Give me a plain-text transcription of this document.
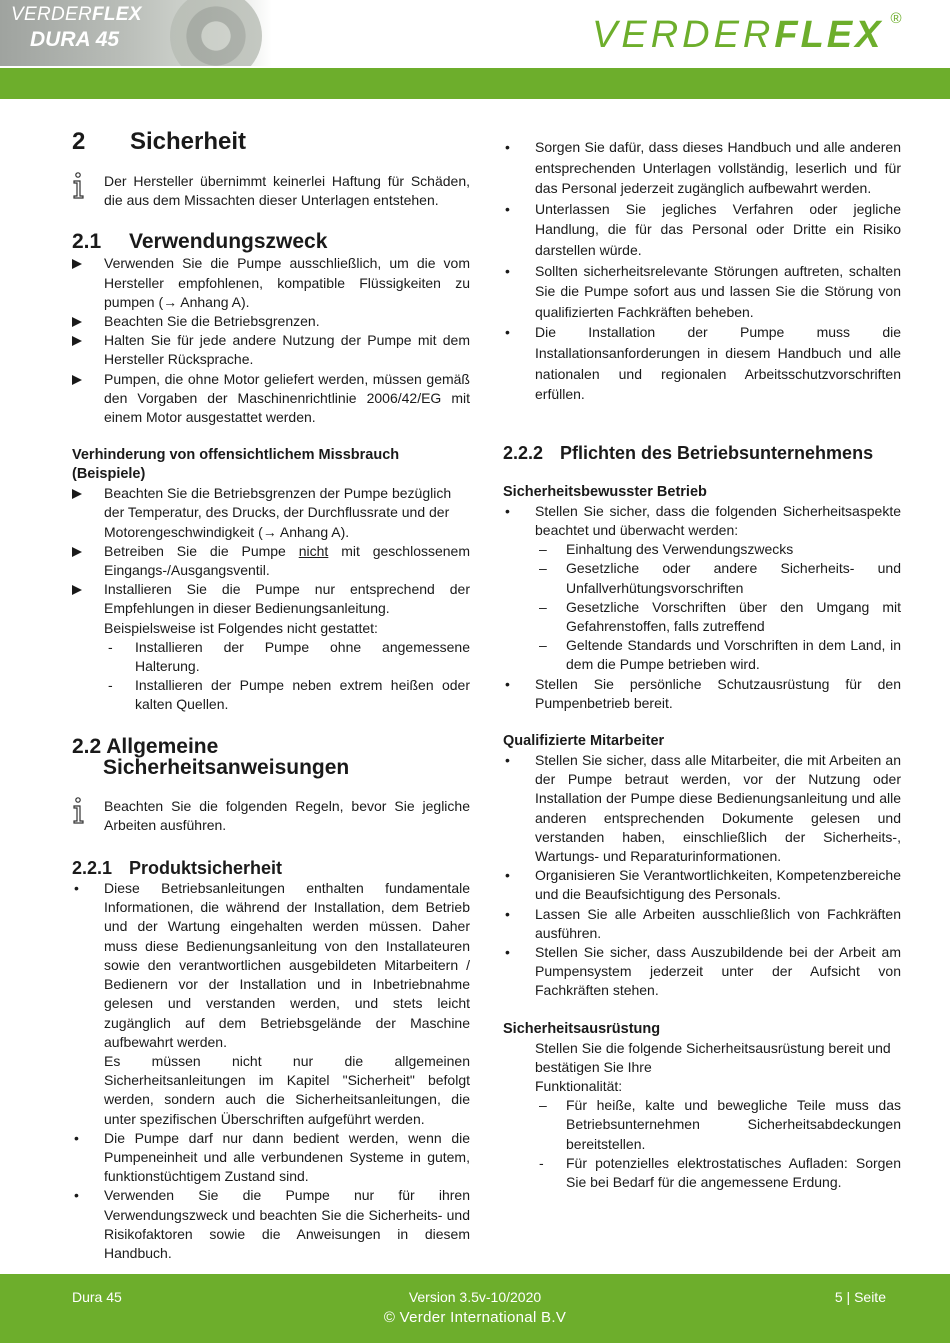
VERDERFLEX
DURA 45	VERDERFLEX ®
2 Sicherheit

Der Hersteller übernimmt keinerlei Haftung für Schäden, die aus dem Missachten dieser Unterlagen entstehen.

2.1 Verwendungszweck
Verwenden Sie die Pumpe ausschließlich, um die vom Hersteller empfohlenen, kompatible Flüssigkeiten zu pumpen (→ Anhang A).
Beachten Sie die Betriebsgrenzen.
Halten Sie für jede andere Nutzung der Pumpe mit dem Hersteller Rücksprache.
Pumpen, die ohne Motor geliefert werden, müssen gemäß den Vorgaben der Maschinenrichtlinie 2006/42/EG mit einem Motor ausgestattet werden.
Verhinderung von offensichtlichem Missbrauch (Beispiele)
Beachten Sie die Betriebsgrenzen der Pumpe bezüglich der Temperatur, des Drucks, der Durchflussrate und der Motorengeschwindigkeit (→ Anhang A).
Betreiben Sie die Pumpe nicht mit geschlossenem Eingangs-/Ausgangsventil.
Installieren Sie die Pumpe nur entsprechend der Empfehlungen in dieser Bedienungsanleitung.
Beispielsweise ist Folgendes nicht gestattet:
- Installieren der Pumpe ohne angemessene Halterung.
- Installieren der Pumpe neben extrem heißen oder kalten Quellen.
2.2 Allgemeine Sicherheitsanweisungen

Beachten Sie die folgenden Regeln, bevor Sie jegliche Arbeiten ausführen.

2.2.1 Produktsicherheit
• Diese Betriebsanleitungen enthalten fundamentale Informationen, die während der Installation, dem Betrieb und der Wartung eingehalten werden müssen. Daher muss diese Bedienungsanleitung von den Installateuren sowie den verantwortlichen ausgebildeten Mitarbeitern / Bedienern vor der Installation und in Inbetriebnahme gelesen und verstanden werden, und stets leicht zugänglich auf dem Betriebsgelände der Maschine aufbewahrt werden.
Es müssen nicht nur die allgemeinen Sicherheitsanleitungen im Kapitel "Sicherheit" befolgt werden, sondern auch die Sicherheitsanleitungen, die unter spezifischen Überschriften aufgeführt werden.
• Die Pumpe darf nur dann bedient werden, wenn die Pumpeneinheit und alle verbundenen Systeme in gutem, funktionstüchtigem Zustand sind.
• Verwenden Sie die Pumpe nur für ihren Verwendungszweck und beachten Sie die Sicherheits- und Risikofaktoren sowie die Anweisungen in diesem Handbuch.
• Sorgen Sie dafür, dass dieses Handbuch und alle anderen entsprechenden Unterlagen vollständig, leserlich und für das Personal jederzeit zugänglich aufbewahrt werden.
• Unterlassen Sie jegliches Verfahren oder jegliche Handlung, die für das Personal oder Dritte ein Risiko darstellen würde.
• Sollten sicherheitsrelevante Störungen auftreten, schalten Sie die Pumpe sofort aus und lassen Sie die Störung von qualifizierten Fachkräften beheben.
• Die Installation der Pumpe muss die Installationsanforderungen in diesem Handbuch und alle nationalen und regionalen Arbeitsschutzvorschriften erfüllen.
2.2.2 Pflichten des Betriebsunternehmens
Sicherheitsbewusster Betrieb
• Stellen Sie sicher, dass die folgenden Sicherheitsaspekte beachtet und überwacht werden:
– Einhaltung des Verwendungszwecks
– Gesetzliche oder andere Sicherheits- und Unfallverhütungsvorschriften
– Gesetzliche Vorschriften über den Umgang mit Gefahrenstoffen, falls zutreffend
– Geltende Standards und Vorschriften in dem Land, in dem die Pumpe betrieben wird.
• Stellen Sie persönliche Schutzausrüstung für den Pumpenbetrieb bereit.
Qualifizierte Mitarbeiter
• Stellen Sie sicher, dass alle Mitarbeiter, die mit Arbeiten an der Pumpe betraut werden, vor der Nutzung oder Installation der Pumpe diese Bedienungsanleitung und alle anderen entsprechenden Dokumente gelesen und verstanden haben, einschließlich der Sicherheits-, Wartungs- und Reparaturinformationen.
• Organisieren Sie Verantwortlichkeiten, Kompetenzbereiche und die Beaufsichtigung des Personals.
• Lassen Sie alle Arbeiten ausschließlich von Fachkräften ausführen.
• Stellen Sie sicher, dass Auszubildende bei der Arbeit am Pumpensystem jederzeit unter der Aufsicht von Fachkräften stehen.
Sicherheitsausrüstung

Stellen Sie die folgende Sicherheitsausrüstung bereit und bestätigen Sie Ihre

Funktionalität:

– Für heiße, kalte und bewegliche Teile muss das Betriebsunternehmen Sicherheitsabdeckungen bereitstellen.
- Für potenzielles elektrostatisches Aufladen: Sorgen Sie bei Bedarf für die angemessene Erdung.
Dura 45	Version 3.5v-10/2020	5 | Seite
© Verder International B.V
